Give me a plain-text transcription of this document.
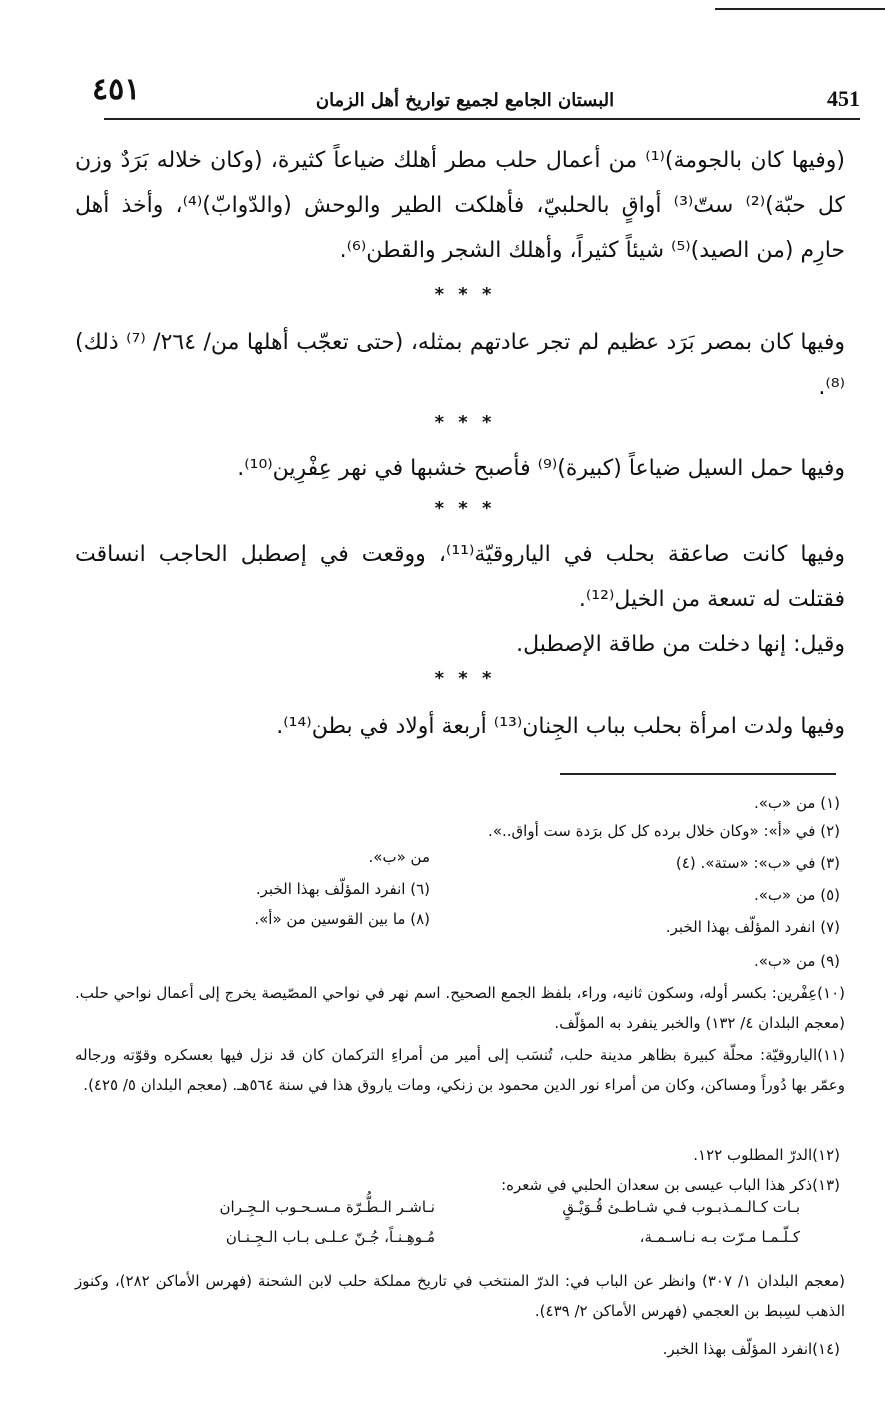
٤٥١	البستان الجامع لجميع تواريخ أهل الزمان	451

(وفيها كان بالجومة)⁽¹⁾ من أعمال حلب مطر أهلك ضياعاً كثيرة، (وكان خلاله بَرَدٌ وزن كل حبّة)⁽²⁾ ستّ⁽³⁾ أواقٍ بالحلبيّ، فأهلكت الطير والوحش (والدّوابّ)⁽⁴⁾، وأخذ أهل حارِم (من الصيد)⁽⁵⁾ شيئاً كثيراً، وأهلك الشجر والقطن⁽⁶⁾.

* * *

وفيها كان بمصر بَرَد عظيم لم تجر عادتهم بمثله، (حتى تعجّب أهلها من/ ٢٦٤/ ⁽⁷⁾ ذلك)⁽⁸⁾.

* * *

وفيها حمل السيل ضياعاً (كبيرة)⁽⁹⁾ فأصبح خشبها في نهر عِفْرِين⁽¹⁰⁾.

* * *

وفيها كانت صاعقة بحلب في الياروقيّة⁽¹¹⁾، ووقعت في إصطبل الحاجب انساقت فقتلت له تسعة من الخيل⁽¹²⁾.

وقيل: إنها دخلت من طاقة الإصطبل.

* * *

وفيها ولدت امرأة بحلب بباب الجِنان⁽¹³⁾ أربعة أولاد في بطن⁽¹⁴⁾.

(١) من «ب».
(٢) في «أ»: «وكان خلال برده كل كل برَدة ست أواق..».
من «ب».	(٣) في «ب»: «ستة». (٤)
(٦) انفرد المؤلّف بهذا الخبر.	(٥) من «ب».
(٨) ما بين القوسين من «أ».	(٧) انفرد المؤلّف بهذا الخبر.
(٩) من «ب».

(١٠)عِفْرين: بكسر أوله، وسكون ثانيه، وراء، بلفظ الجمع الصحيح. اسم نهر في نواحي المصّيصة يخرج إلى أعمال نواحي حلب. (معجم البلدان ٤/ ١٣٢) والخبر ينفرد به المؤلّف.

(١١)الياروقيّة: محلّة كبيرة بظاهر مدينة حلب، تُنسَب إلى أمير من أمراءِ التركمان كان قد نزل فيها بعسكره وقوّته ورجاله وعمّر بها دُوراً ومساكن، وكان من أمراء نور الدين محمود بن زنكي، ومات ياروق هذا في سنة ٥٦٤هـ. (معجم البلدان ٥/ ٤٢٥).

(١٢)الدرّ المطلوب ١٢٢.
(١٣)ذكر هذا الباب عيسى بن سعدان الحلبي في شعره:
بـات كـالـمـذبـوب فـي شـاطـئ قُـوَيْـقٍ
نـاشـر الـطُّـرّة مـسـحـوب الـجِـران
كـلّـمـا مـرّت بـه نـاسـمـة،
مُـوهِـنـاً، جُـنّ عـلـى بـاب الـجِـنـان

(معجم البلدان ١/ ٣٠٧) وانظر عن الباب في: الدرّ المنتخب في تاريخ مملكة حلب لابن الشحنة (فهرس الأماكن ٢٨٢)، وكنوز الذهب لسِبط بن العجمي (فهرس الأماكن ٢/ ٤٣٩).

(١٤)انفرد المؤلّف بهذا الخبر.
